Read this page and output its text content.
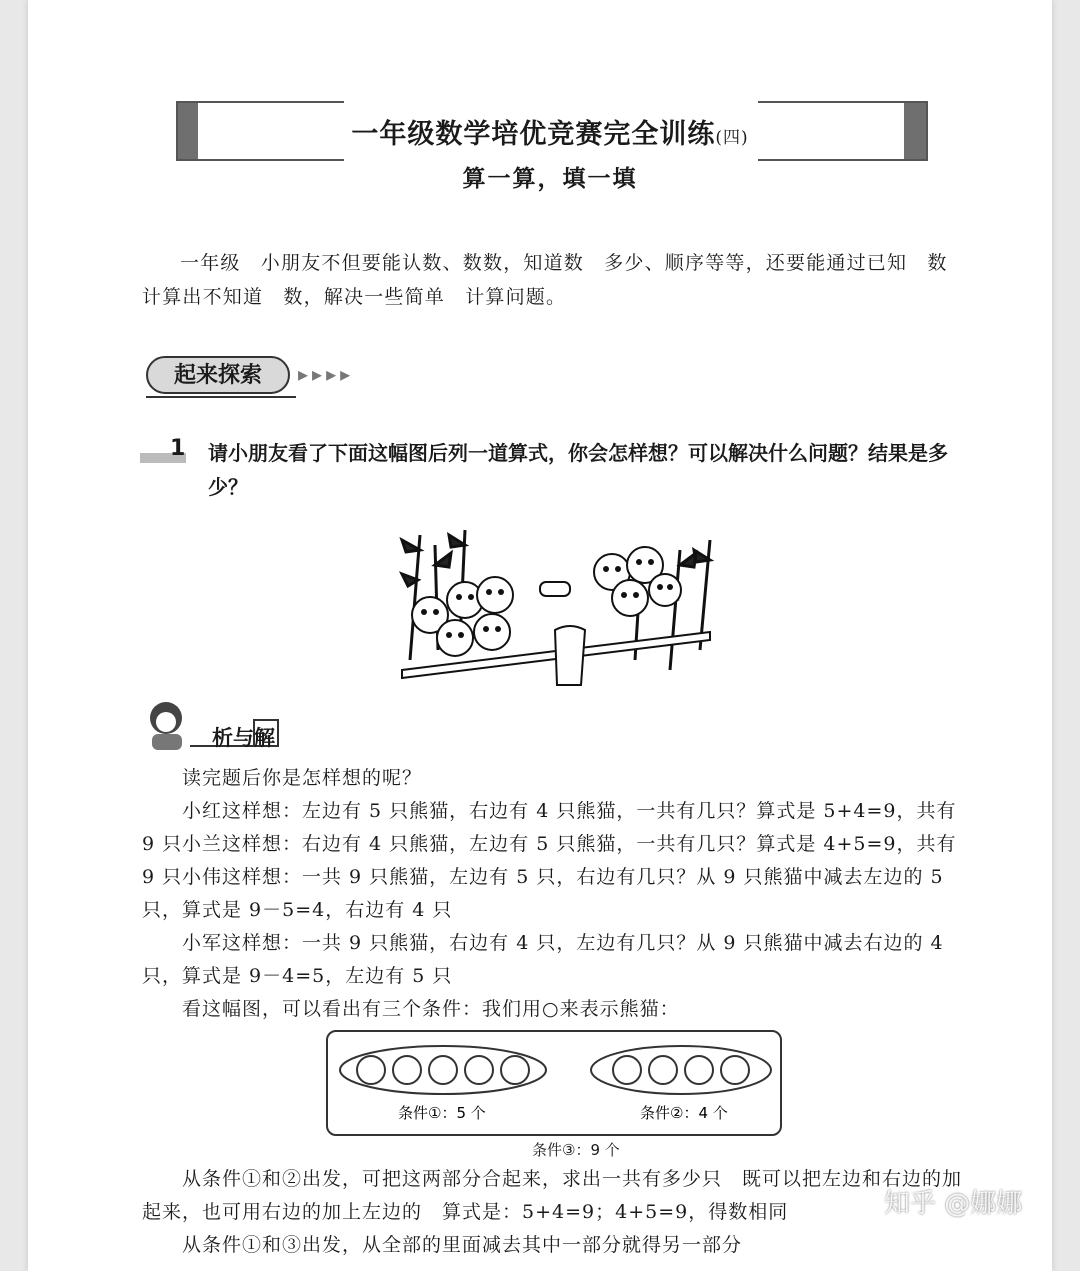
一年级数学培优竞赛完全训练(四)
算一算，填一填
一年级　小朋友不但要能认数、数数，知道数　多少、顺序等等，还要能通过已知　数计算出不知道　数，解决一些简单　计算问题。
起来探索	▸▸▸▸
1 请小朋友看了下面这幅图后列一道算式，你会怎样想？可以解决什么问题？结果是多少？
析与解
读完题后你是怎样想的呢？
小红这样想：左边有 5 只熊猫，右边有 4 只熊猫，一共有几只？算式是 5+4=9，共有 9 只 小兰这样想：右边有 4 只熊猫，左边有 5 只熊猫，一共有几只？算式是 4+5=9，共有 9 只 小伟这样想：一共 9 只熊猫，左边有 5 只，右边有几只？从 9 只熊猫中减去左边的 5 只，算式是 9－5=4，右边有 4 只
小军这样想：一共 9 只熊猫，右边有 4 只，左边有几只？从 9 只熊猫中减去右边的 4 只，算式是 9－4=5，左边有 5 只
看这幅图，可以看出有三个条件：我们用○来表示熊猫：
条件①：5 个	条件②：4 个
条件③：9 个
从条件①和②出发，可把这两部分合起来，求出一共有多少只　既可以把左边和右边的加起来，也可用右边的加上左边的　算式是：5+4=9；4+5=9，得数相同
从条件①和③出发，从全部的里面减去其中一部分就得另一部分
知乎 @娜娜
